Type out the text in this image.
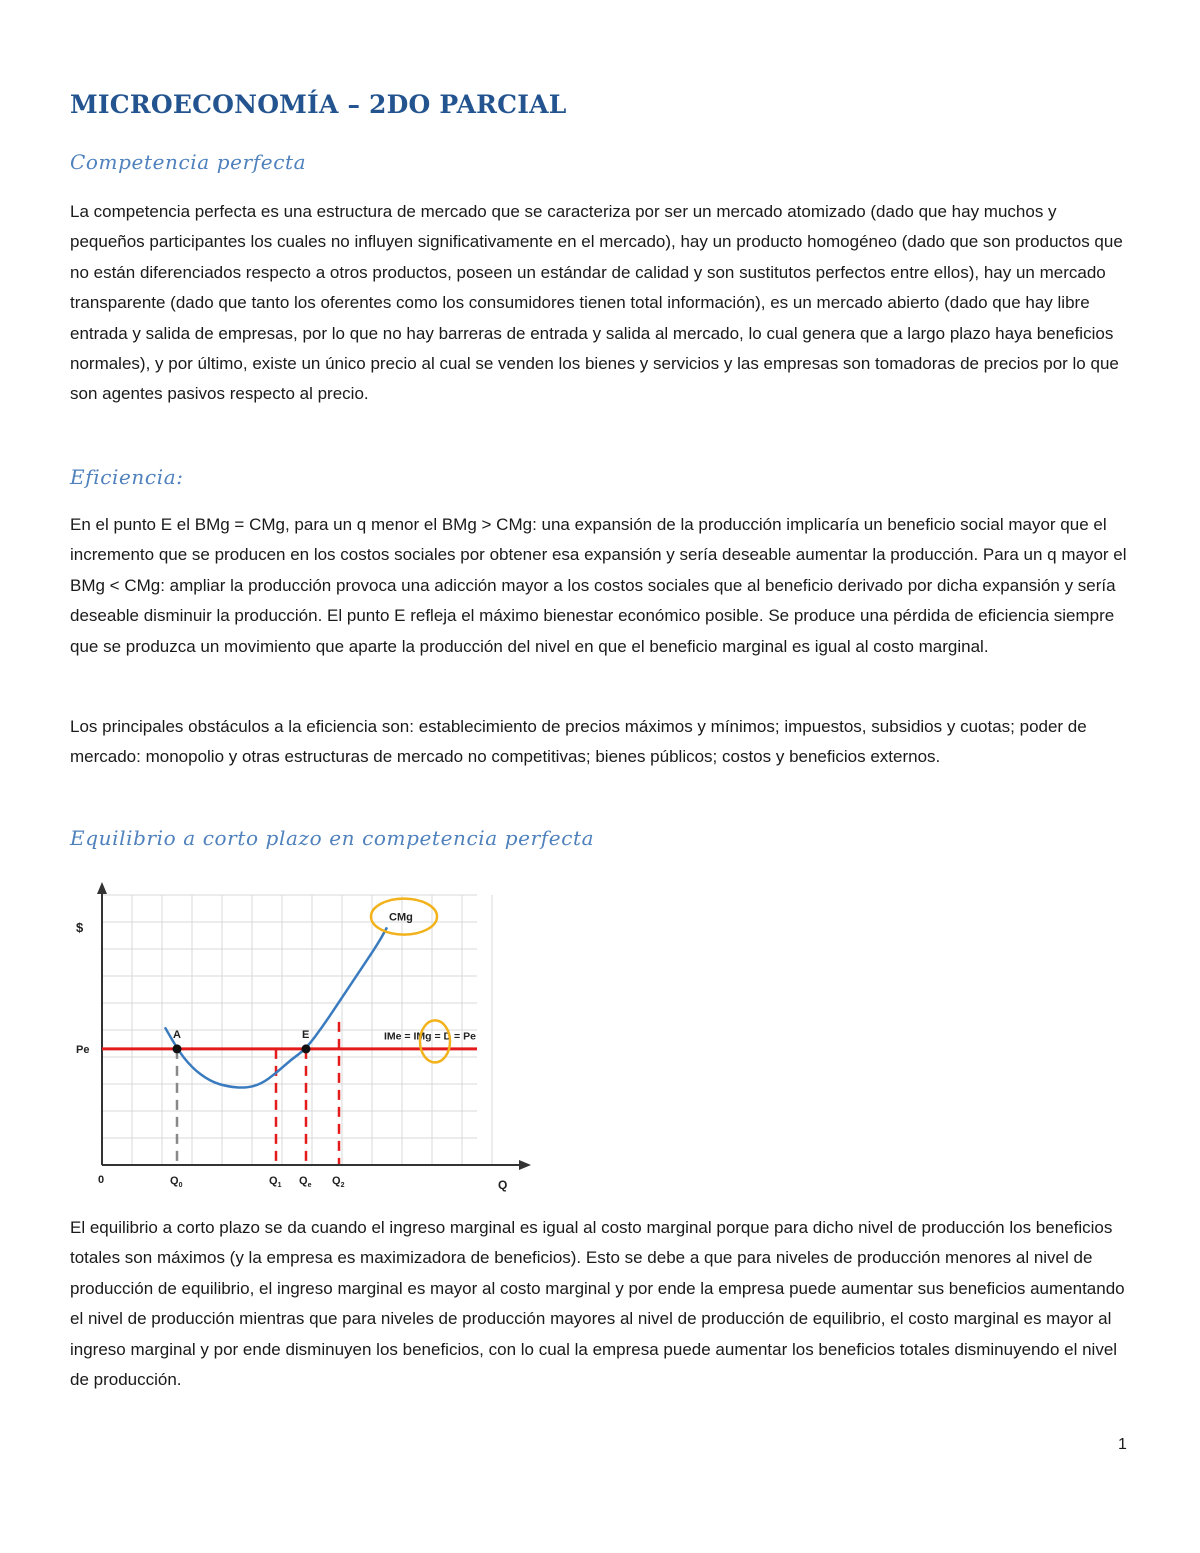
MICROECONOMÍA – 2DO PARCIAL
Competencia perfecta

La competencia perfecta es una estructura de mercado que se caracteriza por ser un mercado atomizado (dado que hay muchos y pequeños participantes los cuales no influyen significativamente en el mercado), hay un producto homogéneo (dado que son productos que no están diferenciados respecto a otros productos, poseen un estándar de calidad y son sustitutos perfectos entre ellos), hay un mercado transparente (dado que tanto los oferentes como los consumidores tienen total información), es un mercado abierto (dado que hay libre entrada y salida de empresas, por lo que no hay barreras de entrada y salida al mercado, lo cual genera que a largo plazo haya beneficios normales), y por último, existe un único precio al cual se venden los bienes y servicios y las empresas son tomadoras de precios por lo que son agentes pasivos respecto al precio.

Eficiencia:

En el punto E el BMg = CMg, para un q menor el BMg > CMg: una expansión de la producción implicaría un beneficio social mayor que el incremento que se producen en los costos sociales por obtener esa expansión y sería deseable aumentar la producción. Para un q mayor el BMg < CMg: ampliar la producción provoca una adicción mayor a los costos sociales que al beneficio derivado por dicha expansión y sería deseable disminuir la producción. El punto E refleja el máximo bienestar económico posible. Se produce una pérdida de eficiencia siempre que se produzca un movimiento que aparte la producción del nivel en que el beneficio marginal es igual al costo marginal.

Los principales obstáculos a la eficiencia son: establecimiento de precios máximos y mínimos; impuestos, subsidios y cuotas; poder de mercado: monopolio y otras estructuras de mercado no competitivas; bienes públicos; costos y beneficios externos.

Equilibrio a corto plazo en competencia perfecta
A	E
$
Pe
0	$Q_0$	$Q_1$ $Q_e$ $Q_2$	Q
CMg
IMe = IMg = D = Pe

El equilibrio a corto plazo se da cuando el ingreso marginal es igual al costo marginal porque para dicho nivel de producción los beneficios totales son máximos (y la empresa es maximizadora de beneficios). Esto se debe a que para niveles de producción menores al nivel de producción de equilibrio, el ingreso marginal es mayor al costo marginal y por ende la empresa puede aumentar sus beneficios aumentando el nivel de producción mientras que para niveles de producción mayores al nivel de producción de equilibrio, el costo marginal es mayor al ingreso marginal y por ende disminuyen los beneficios, con lo cual la empresa puede aumentar los beneficios totales disminuyendo el nivel de producción.

1
